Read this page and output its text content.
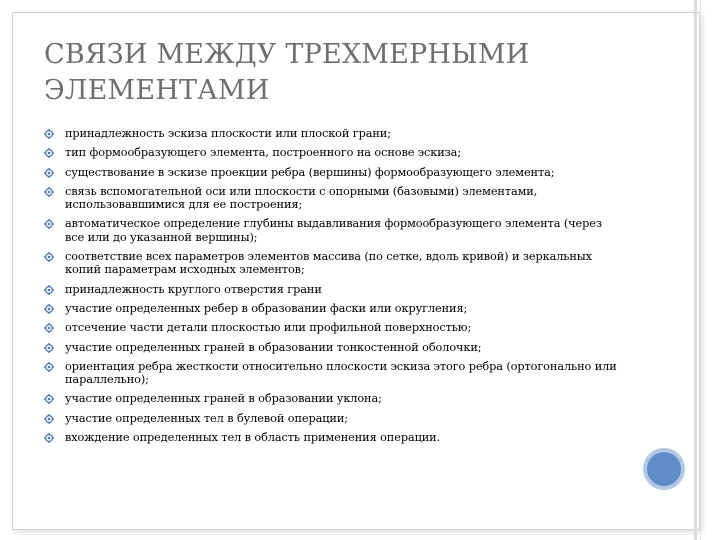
СВЯЗИ МЕЖДУ ТРЕХМЕРНЫМИ ЭЛЕМЕНТАМИ
принадлежность эскиза плоскости или плоской грани;
тип формообразующего элемента, построенного на основе эскиза;
существование в эскизе проекции ребра (вершины) формообразующего элемента;
связь вспомогательной оси или плоскости с опорными (базовыми) элементами, использовавшимися для ее построения;
автоматическое определение глубины выдавливания формообразующего элемента (через все или до указанной вершины);
соответствие всех параметров элементов массива (по сетке, вдоль кривой) и зеркальных копий параметрам исходных элементов;
принадлежность круглого отверстия грани
участие определенных ребер в образовании фаски или округления;
отсечение части детали плоскостью или профильной поверхностью;
участие определенных граней в образовании тонкостенной оболочки;
ориентация ребра жесткости относительно плоскости эскиза этого ребра (ортогонально или параллельно);
участие определенных граней в образовании уклона;
участие определенных тел в булевой операции;
вхождение определенных тел в область применения операции.
